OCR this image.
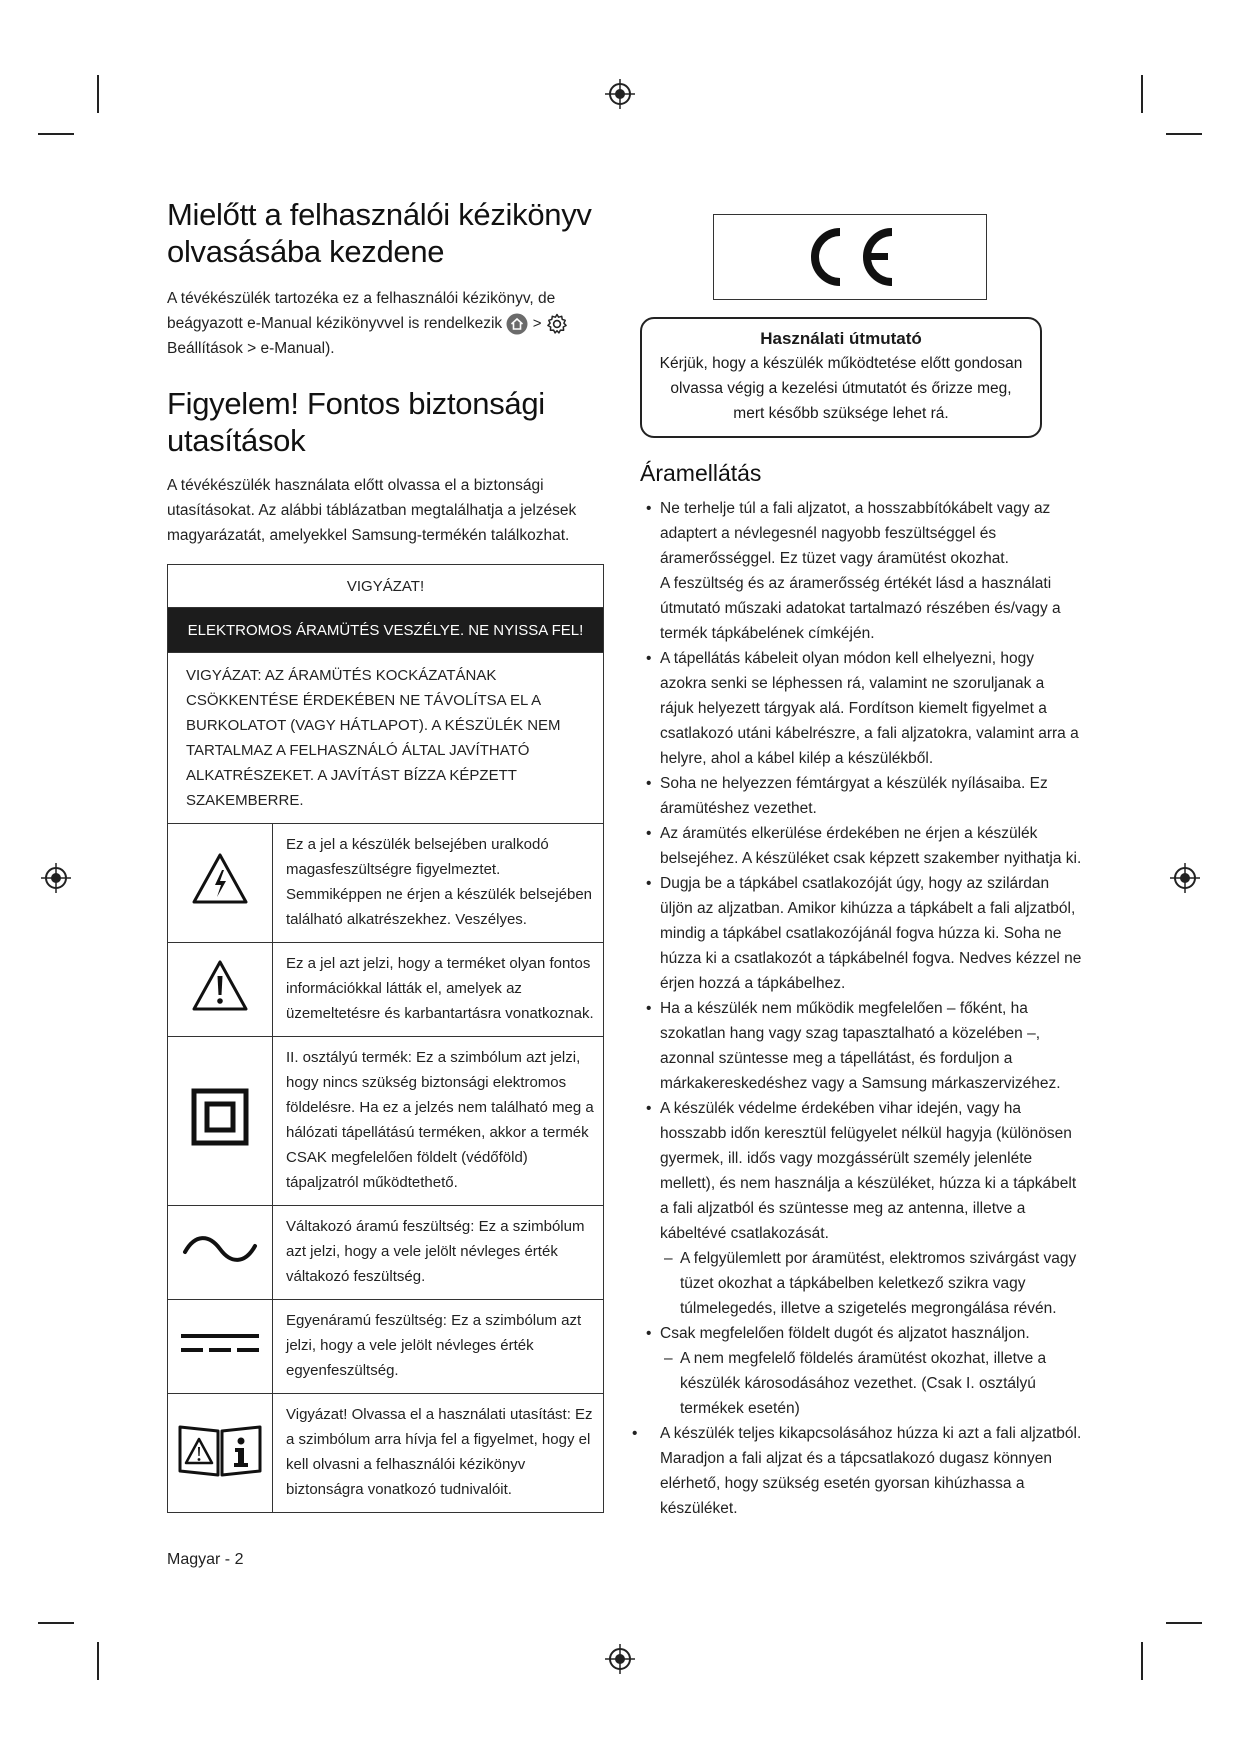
Mielőtt a felhasználói kézikönyv olvasásába kezdene

A tévékészülék tartozéka ez a felhasználói kézikönyv, de

beágyazott e-Manual kézikönyvvel is rendelkezik >

Beállítások > e-Manual).

Figyelem! Fontos biztonsági utasítások

A tévékészülék használata előtt olvassa el a biztonsági utasításokat. Az alábbi táblázatban megtalálhatja a jelzések magyarázatát, amelyekkel Samsung-termékén találkozhat.

VIGYÁZAT!	
ELEKTROMOS ÁRAMÜTÉS VESZÉLYE. NE NYISSA FEL!	
VIGYÁZAT: AZ ÁRAMÜTÉS KOCKÁZATÁNAK CSÖKKENTÉSE ÉRDEKÉBEN NE TÁVOLÍTSA EL A BURKOLATOT (VAGY HÁTLAPOT). A KÉSZÜLÉK NEM TARTALMAZ A FELHASZNÁLÓ ÁLTAL JAVÍTHATÓ ALKATRÉSZEKET. A JAVÍTÁST BÍZZA KÉPZETT SZAKEMBERRE.	
	Ez a jel a készülék belsejében uralkodó magasfeszültségre figyelmeztet. Semmiképpen ne érjen a készülék belsejében található alkatrészekhez. Veszélyes.
	Ez a jel azt jelzi, hogy a terméket olyan fontos információkkal látták el, amelyek az üzemeltetésre és karbantartásra vonatkoznak.
	II. osztályú termék: Ez a szimbólum azt jelzi, hogy nincs szükség biztonsági elektromos földelésre. Ha ez a jelzés nem található meg a hálózati tápellátású terméken, akkor a termék CSAK megfelelően földelt (védőföld) tápaljzatról működtethető.
	Váltakozó áramú feszültség: Ez a szimbólum azt jelzi, hogy a vele jelölt névleges érték váltakozó feszültség.
	Egyenáramú feszültség: Ez a szimbólum azt jelzi, hogy a vele jelölt névleges érték egyenfeszültség.
	Vigyázat! Olvassa el a használati utasítást: Ez a szimbólum arra hívja fel a figyelmet, hogy el kell olvasni a felhasználói kézikönyv biztonságra vonatkozó tudnivalóit.
Használati útmutató
Kérjük, hogy a készülék működtetése előtt gondosan olvassa végig a kezelési útmutatót és őrizze meg, mert később szüksége lehet rá.
Áramellátás
• Ne terhelje túl a fali aljzatot, a hosszabbítókábelt vagy az adaptert a névlegesnél nagyobb feszültséggel és áramerősséggel. Ez tüzet vagy áramütést okozhat.
A feszültség és az áramerősség értékét lásd a használati útmutató műszaki adatokat tartalmazó részében és/vagy a termék tápkábelének címkéjén.
• A tápellátás kábeleit olyan módon kell elhelyezni, hogy azokra senki se léphessen rá, valamint ne szoruljanak a rájuk helyezett tárgyak alá. Fordítson kiemelt figyelmet a csatlakozó utáni kábelrészre, a fali aljzatokra, valamint arra a helyre, ahol a kábel kilép a készülékből.
• Soha ne helyezzen fémtárgyat a készülék nyílásaiba. Ez áramütéshez vezethet.
• Az áramütés elkerülése érdekében ne érjen a készülék belsejéhez. A készüléket csak képzett szakember nyithatja ki.
• Dugja be a tápkábel csatlakozóját úgy, hogy az szilárdan üljön az aljzatban. Amikor kihúzza a tápkábelt a fali aljzatból, mindig a tápkábel csatlakozójánál fogva húzza ki. Soha ne húzza ki a csatlakozót a tápkábelnél fogva. Nedves kézzel ne érjen hozzá a tápkábelhez.
• Ha a készülék nem működik megfelelően – főként, ha szokatlan hang vagy szag tapasztalható a közelében –, azonnal szüntesse meg a tápellátást, és forduljon a márkakereskedéshez vagy a Samsung márkaszervizéhez.
• A készülék védelme érdekében vihar idején, vagy ha hosszabb időn keresztül felügyelet nélkül hagyja (különösen gyermek, ill. idős vagy mozgássérült személy jelenléte mellett), és nem használja a készüléket, húzza ki a tápkábelt a fali aljzatból és szüntesse meg az antenna, illetve a kábeltévé csatlakozását.
– A felgyülemlett por áramütést, elektromos szivárgást vagy tüzet okozhat a tápkábelben keletkező szikra vagy túlmelegedés, illetve a szigetelés megrongálása révén.
• Csak megfelelően földelt dugót és aljzatot használjon.
– A nem megfelelő földelés áramütést okozhat, illetve a készülék károsodásához vezethet. (Csak I. osztályú termékek esetén)
• A készülék teljes kikapcsolásához húzza ki azt a fali aljzatból. Maradjon a fali aljzat és a tápcsatlakozó dugasz könnyen elérhető, hogy szükség esetén gyorsan kihúzhassa a készüléket.
Magyar - 2
